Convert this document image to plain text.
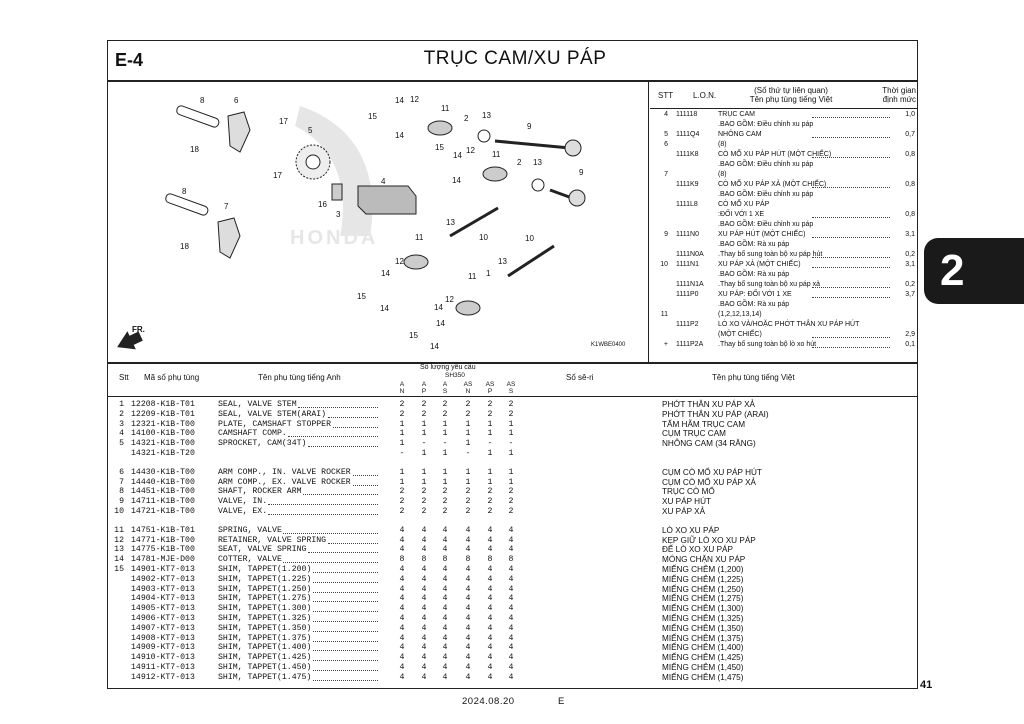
E-4	TRỤC CAM/XU PÁP
HONDA
8	6
17
18
5
17
16
3
4
8
7
18
15
14 12
14
11
2 13
9
15
14
12
14	11
2 13
9
13
10
11
12
14
10
15
14
11
13
1
14
12
14
15
14
FR.
K1WBE0400
STT L.O.N.
(Số thứ tự liên quan)
Tên phụ tùng tiếng Việt
Thời gian
định mức
4 111118	TRỤC CAM	1,0
.BAO GỒM: Điều chỉnh xu páp
5 1111Q4	NHÔNG CAM	0,7
6	(8)
1111K8	CÒ MỔ XU PÁP HÚT (MỘT CHIẾC)	0,8
.BAO GỒM: Điều chỉnh xu páp
7	(8)
1111K9	CÒ MỔ XU PÁP XẢ (MỘT CHIẾC)	0,8
.BAO GỒM: Điều chỉnh xu páp
1111L8	CÒ MỔ XU PÁP
:ĐỐI VỚI 1 XE	0,8
.BAO GỒM: Điều chỉnh xu páp
9 1111N0	XU PÁP HÚT (MỘT CHIẾC)	3,1
.BAO GỒM: Rà xu páp
1111N0A	.Thay bổ sung toàn bộ xu páp hút	0,2
10 1111N1	XU PÁP XẢ (MỘT CHIẾC)	3,1
.BAO GỒM: Rà xu páp
1111N1A	.Thay bổ sung toàn bộ xu páp xả	0,2
1111P0	XU PÁP: ĐỐI VỚI 1 XE	3,7
.BAO GỒM: Rà xu páp
11	(1,2,12,13,14)
1111P2	LÒ XO VÀ/HOẶC PHỚT THÂN XU PÁP HÚT
(MỘT CHIẾC)	2,9
+ 1111P2A	.Thay bổ sung toàn bộ lò xo hút	0,1
Stt Mã số phụ tùng	Tên phụ tùng tiếng Anh
Số lượng yêu cầu
SH350	Số sê-ri	Tên phụ tùng tiếng Việt
A
N
A
P
A
S
AS
N
AS
P
AS
S
1 12208-K1B-T01	SEAL, VALVE STEM	2	2	2	2	2	2	PHỚT THÂN XU PÁP XẢ
2 12209-K1B-T01	SEAL, VALVE STEM(ARAI)	2	2	2	2	2	2	PHỚT THÂN XU PÁP (ARAI)
3 12321-K1B-T00	PLATE, CAMSHAFT STOPPER	1	1	1	1	1	1	TẤM HÃM TRỤC CAM
4 14100-K1B-T00	CAMSHAFT COMP.	1	1	1	1	1	1	CỤM TRỤC CAM
5 14321-K1B-T00	SPROCKET, CAM(34T)	1	-	-	1	-	-	NHÔNG CAM (34 RĂNG)
14321-K1B-T20	-	1	1	-	1	1
6 14430-K1B-T00	ARM COMP., IN. VALVE ROCKER	1	1	1	1	1	1	CỤM CÒ MỔ XU PÁP HÚT
7 14440-K1B-T00	ARM COMP., EX. VALVE ROCKER	1	1	1	1	1	1	CỤM CÒ MỔ XU PÁP XẢ
8 14451-K1B-T00	SHAFT, ROCKER ARM	2	2	2	2	2	2	TRỤC CÒ MỔ
9 14711-K1B-T00	VALVE, IN.	2	2	2	2	2	2	XU PÁP HÚT
10 14721-K1B-T00	VALVE, EX.	2	2	2	2	2	2	XU PÁP XẢ
11 14751-K1B-T01	SPRING, VALVE	4	4	4	4	4	4	LÒ XO XU PÁP
12 14771-K1B-T00	RETAINER, VALVE SPRING	4	4	4	4	4	4	KẸP GIỮ LÒ XO XU PÁP
13 14775-K1B-T00	SEAT, VALVE SPRING	4	4	4	4	4	4	ĐẾ LÒ XO XU PÁP
14 14781-MJE-D00	COTTER, VALVE	8	8	8	8	8	8	MÓNG CHẶN XU PÁP
15 14901-KT7-013	SHIM, TAPPET(1.200)	4	4	4	4	4	4	MIẾNG CHÊM (1,200)
14902-KT7-013	SHIM, TAPPET(1.225)	4	4	4	4	4	4	MIẾNG CHÊM (1,225)
14903-KT7-013	SHIM, TAPPET(1.250)	4	4	4	4	4	4	MIẾNG CHÊM (1,250)
14904-KT7-013	SHIM, TAPPET(1.275)	4	4	4	4	4	4	MIẾNG CHÊM (1,275)
14905-KT7-013	SHIM, TAPPET(1.300)	4	4	4	4	4	4	MIẾNG CHÊM (1,300)
14906-KT7-013	SHIM, TAPPET(1.325)	4	4	4	4	4	4	MIẾNG CHÊM (1,325)
14907-KT7-013	SHIM, TAPPET(1.350)	4	4	4	4	4	4	MIẾNG CHÊM (1,350)
14908-KT7-013	SHIM, TAPPET(1.375)	4	4	4	4	4	4	MIẾNG CHÊM (1,375)
14909-KT7-013	SHIM, TAPPET(1.400)	4	4	4	4	4	4	MIẾNG CHÊM (1,400)
14910-KT7-013	SHIM, TAPPET(1.425)	4	4	4	4	4	4	MIẾNG CHÊM (1,425)
14911-KT7-013	SHIM, TAPPET(1.450)	4	4	4	4	4	4	MIẾNG CHÊM (1,450)
14912-KT7-013	SHIM, TAPPET(1.475)	4	4	4	4	4	4	MIẾNG CHÊM (1,475)
2
41
2024.08.20	E
